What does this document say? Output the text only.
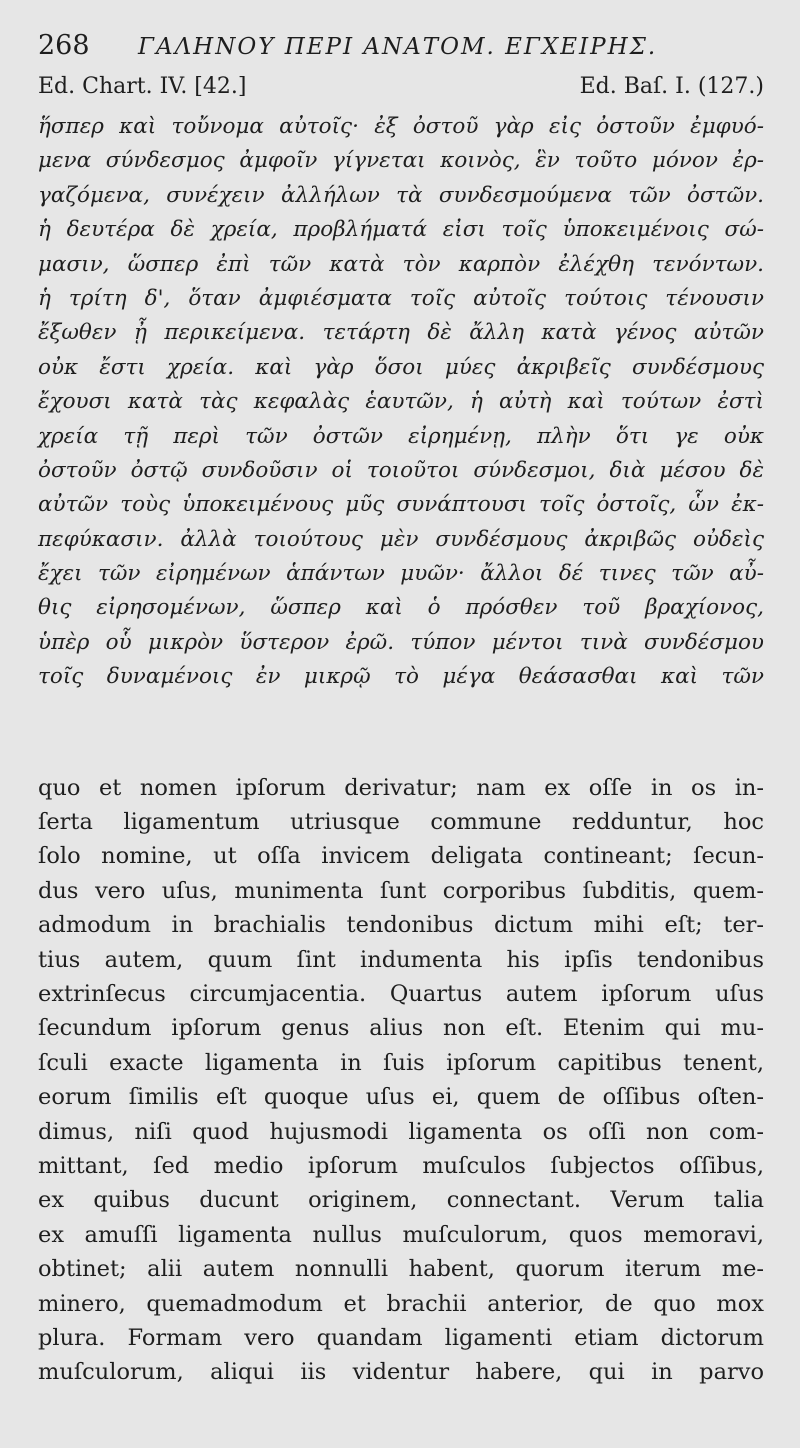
268	ΓΑΛΗΝΟΥ ΠΕΡΙ ΑΝΑΤΟΜ. ΕΓΧΕΙΡΗΣ.
Ed. Chart. IV. [42.]	Ed. Baſ. I. (127.)
ἥσπερ καὶ τοὔνομα αὐτοῖς· ἐξ ὀστοῦ γὰρ εἰς ὀστοῦν ἐμφυό-
μενα σύνδεσμος ἀμφοῖν γίγνεται κοινὸς, ἓν τοῦτο μόνον ἐρ-
γαζόμενα, συνέχειν ἀλλήλων τὰ συνδεσμούμενα τῶν ὀστῶν.
ἡ δευτέρα δὲ χρεία, προβλήματά εἰσι τοῖς ὑποκειμένοις σώ-
μασιν, ὥσπερ ἐπὶ τῶν κατὰ τὸν καρπὸν ἐλέχθη τενόντων.
ἡ τρίτη δ', ὅταν ἀμφιέσματα τοῖς αὐτοῖς τούτοις τένουσιν
ἔξωθεν ᾖ περικείμενα. τετάρτη δὲ ἄλλη κατὰ γένος αὐτῶν
οὐκ ἔστι χρεία. καὶ γὰρ ὅσοι μύες ἀκριβεῖς συνδέσμους
ἔχουσι κατὰ τὰς κεφαλὰς ἑαυτῶν, ἡ αὐτὴ καὶ τούτων ἐστὶ
χρεία τῇ περὶ τῶν ὀστῶν εἰρημένῃ, πλὴν ὅτι γε οὐκ
ὀστοῦν ὀστῷ συνδοῦσιν οἱ τοιοῦτοι σύνδεσμοι, διὰ μέσου δὲ
αὐτῶν τοὺς ὑποκειμένους μῦς συνάπτουσι τοῖς ὀστοῖς, ὧν ἐκ-
πεφύκασιν. ἀλλὰ τοιούτους μὲν συνδέσμους ἀκριβῶς οὐδεὶς
ἔχει τῶν εἰρημένων ἁπάντων μυῶν· ἄλλοι δέ τινες τῶν αὖ-
θις εἰρησομένων, ὥσπερ καὶ ὁ πρόσθεν τοῦ βραχίονος,
ὑπὲρ οὗ μικρὸν ὕστερον ἐρῶ. τύπον μέντοι τινὰ συνδέσμου
τοῖς δυναμένοις ἐν μικρῷ τὸ μέγα θεάσασθαι καὶ τῶν
quo et nomen ipſorum derivatur; nam ex oſſe in os in-
ſerta ligamentum utriusque commune redduntur, hoc
ſolo nomine, ut oſſa invicem deligata contineant; ſecun-
dus vero uſus, munimenta ſunt corporibus ſubditis, quem-
admodum in brachialis tendonibus dictum mihi eſt; ter-
tius autem, quum ſint indumenta his ipſis tendonibus
extrinſecus circumjacentia. Quartus autem ipſorum uſus
ſecundum ipſorum genus alius non eſt. Etenim qui mu-
ſculi exacte ligamenta in ſuis ipſorum capitibus tenent,
eorum ſimilis eſt quoque uſus ei, quem de oſſibus oſten-
dimus, niſi quod hujusmodi ligamenta os oſſi non com-
mittant, ſed medio ipſorum muſculos ſubjectos oſſibus,
ex quibus ducunt originem, connectant. Verum talia
ex amuſſi ligamenta nullus muſculorum, quos memoravi,
obtinet; alii autem nonnulli habent, quorum iterum me-
minero, quemadmodum et brachii anterior, de quo mox
plura. Formam vero quandam ligamenti etiam dictorum
muſculorum, aliqui iis videntur habere, qui in parvo
